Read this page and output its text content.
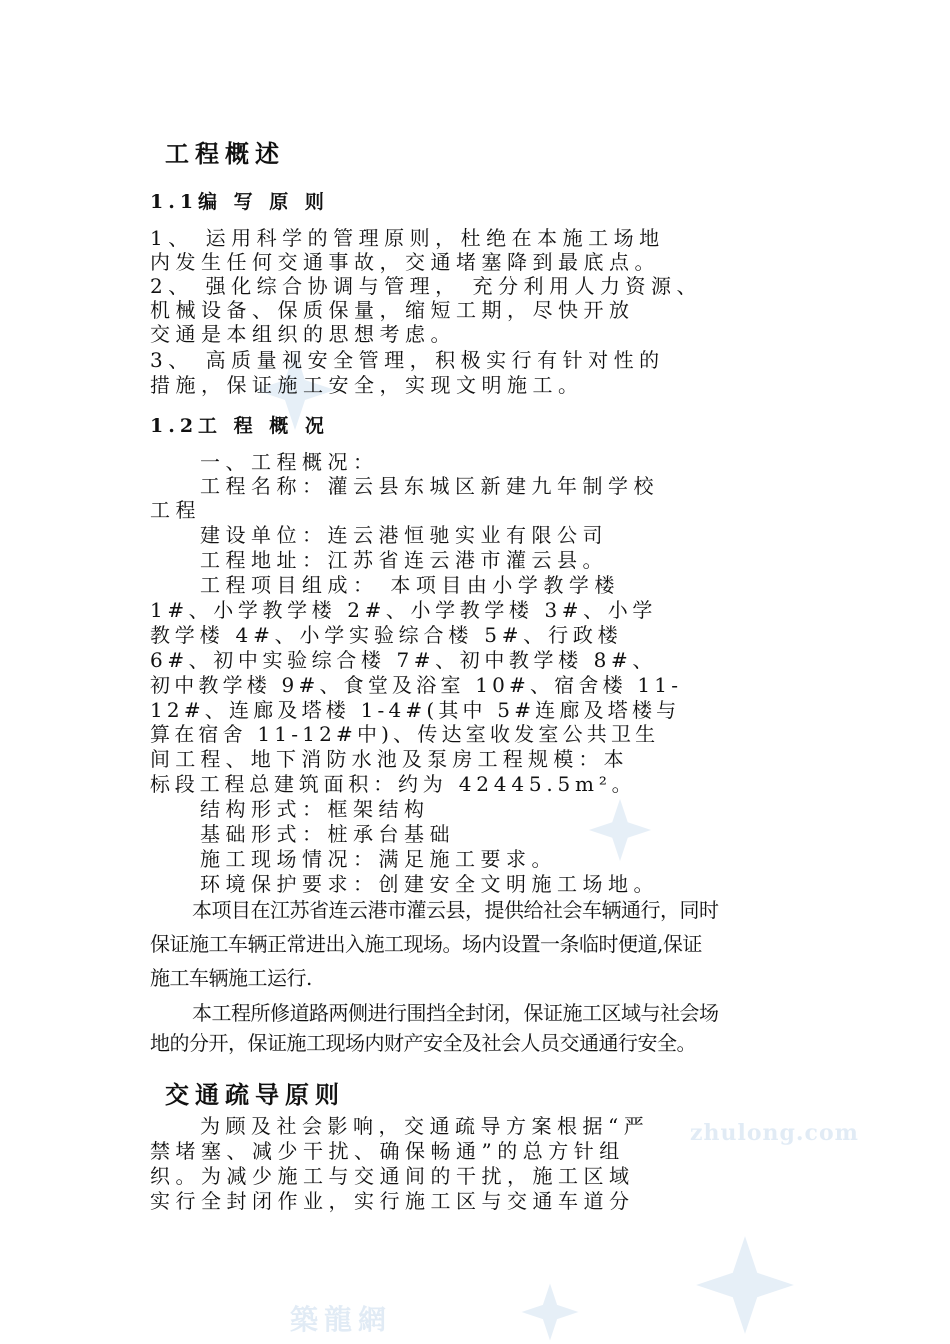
築龍網
zhulong.com
工程概述
1.1编 写 原 则
1、 运用科学的管理原则，杜绝在本施工场地
内发生任何交通事故，交通堵塞降到最底点。
2、 强化综合协调与管理， 充分利用人力资源、
机械设备、保质保量，缩短工期，尽快开放
交通是本组织的思想考虑。
3、 高质量视安全管理，积极实行有针对性的
措施，保证施工安全，实现文明施工。
1.2工 程 概 况
一、工程概况：
工程名称：灌云县东城区新建九年制学校
工程
建设单位：连云港恒驰实业有限公司
工程地址：江苏省连云港市灌云县。
工程项目组成： 本项目由小学教学楼
1#、小学教学楼 2#、小学教学楼 3#、小学
教学楼 4#、小学实验综合楼 5#、行政楼
6#、初中实验综合楼 7#、初中教学楼 8#、
初中教学楼 9#、食堂及浴室 10#、宿舍楼 11-
12#、连廊及塔楼 1-4#(其中 5#连廊及塔楼与
算在宿舍 11-12#中)、传达室收发室公共卫生
间工程、地下消防水池及泵房工程规模：本
标段工程总建筑面积：约为 42445.5m²。
结构形式：框架结构
基础形式：桩承台基础
施工现场情况：满足施工要求。
环境保护要求：创建安全文明施工场地。
本项目在江苏省连云港市灌云县，提供给社会车辆通行，同时
保证施工车辆正常进出入施工现场。场内设置一条临时便道,保证
施工车辆施工运行.
本工程所修道路两侧进行围挡全封闭，保证施工区域与社会场
地的分开，保证施工现场内财产安全及社会人员交通通行安全。
交通疏导原则
为顾及社会影响，交通疏导方案根据“严
禁堵塞、减少干扰、确保畅通”的总方针组
织。为减少施工与交通间的干扰，施工区域
实行全封闭作业，实行施工区与交通车道分
